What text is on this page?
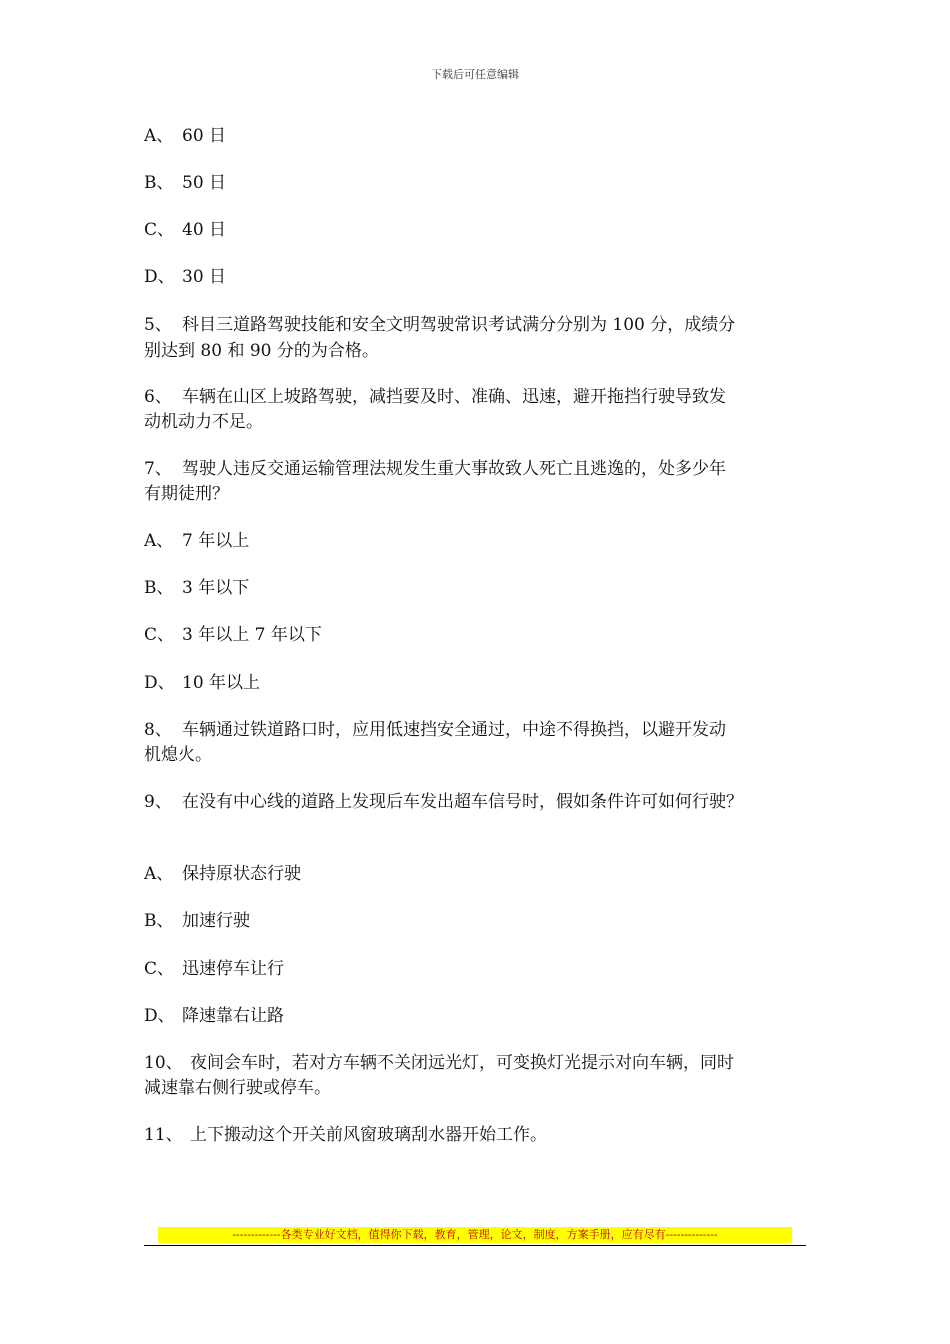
下载后可任意编辑
A、 60 日
B、 50 日
C、 40 日
D、 30 日
5、 科目三道路驾驶技能和安全文明驾驶常识考试满分分别为 100 分，成绩分
别达到 80 和 90 分的为合格。
6、 车辆在山区上坡路驾驶，减挡要及时、准确、迅速，避开拖挡行驶导致发
动机动力不足。
7、 驾驶人违反交通运输管理法规发生重大事故致人死亡且逃逸的，处多少年
有期徒刑？
A、 7 年以上
B、 3 年以下
C、 3 年以上 7 年以下
D、 10 年以上
8、 车辆通过铁道路口时，应用低速挡安全通过，中途不得换挡，以避开发动
机熄火。
9、 在没有中心线的道路上发现后车发出超车信号时，假如条件许可如何行驶？
A、 保持原状态行驶
B、 加速行驶
C、 迅速停车让行
D、 降速靠右让路
10、 夜间会车时，若对方车辆不关闭远光灯，可变换灯光提示对向车辆，同时
减速靠右侧行驶或停车。
11、 上下搬动这个开关前风窗玻璃刮水器开始工作。
-------------各类专业好文档，值得你下载，教育，管理，论文，制度，方案手册，应有尽有--------------
